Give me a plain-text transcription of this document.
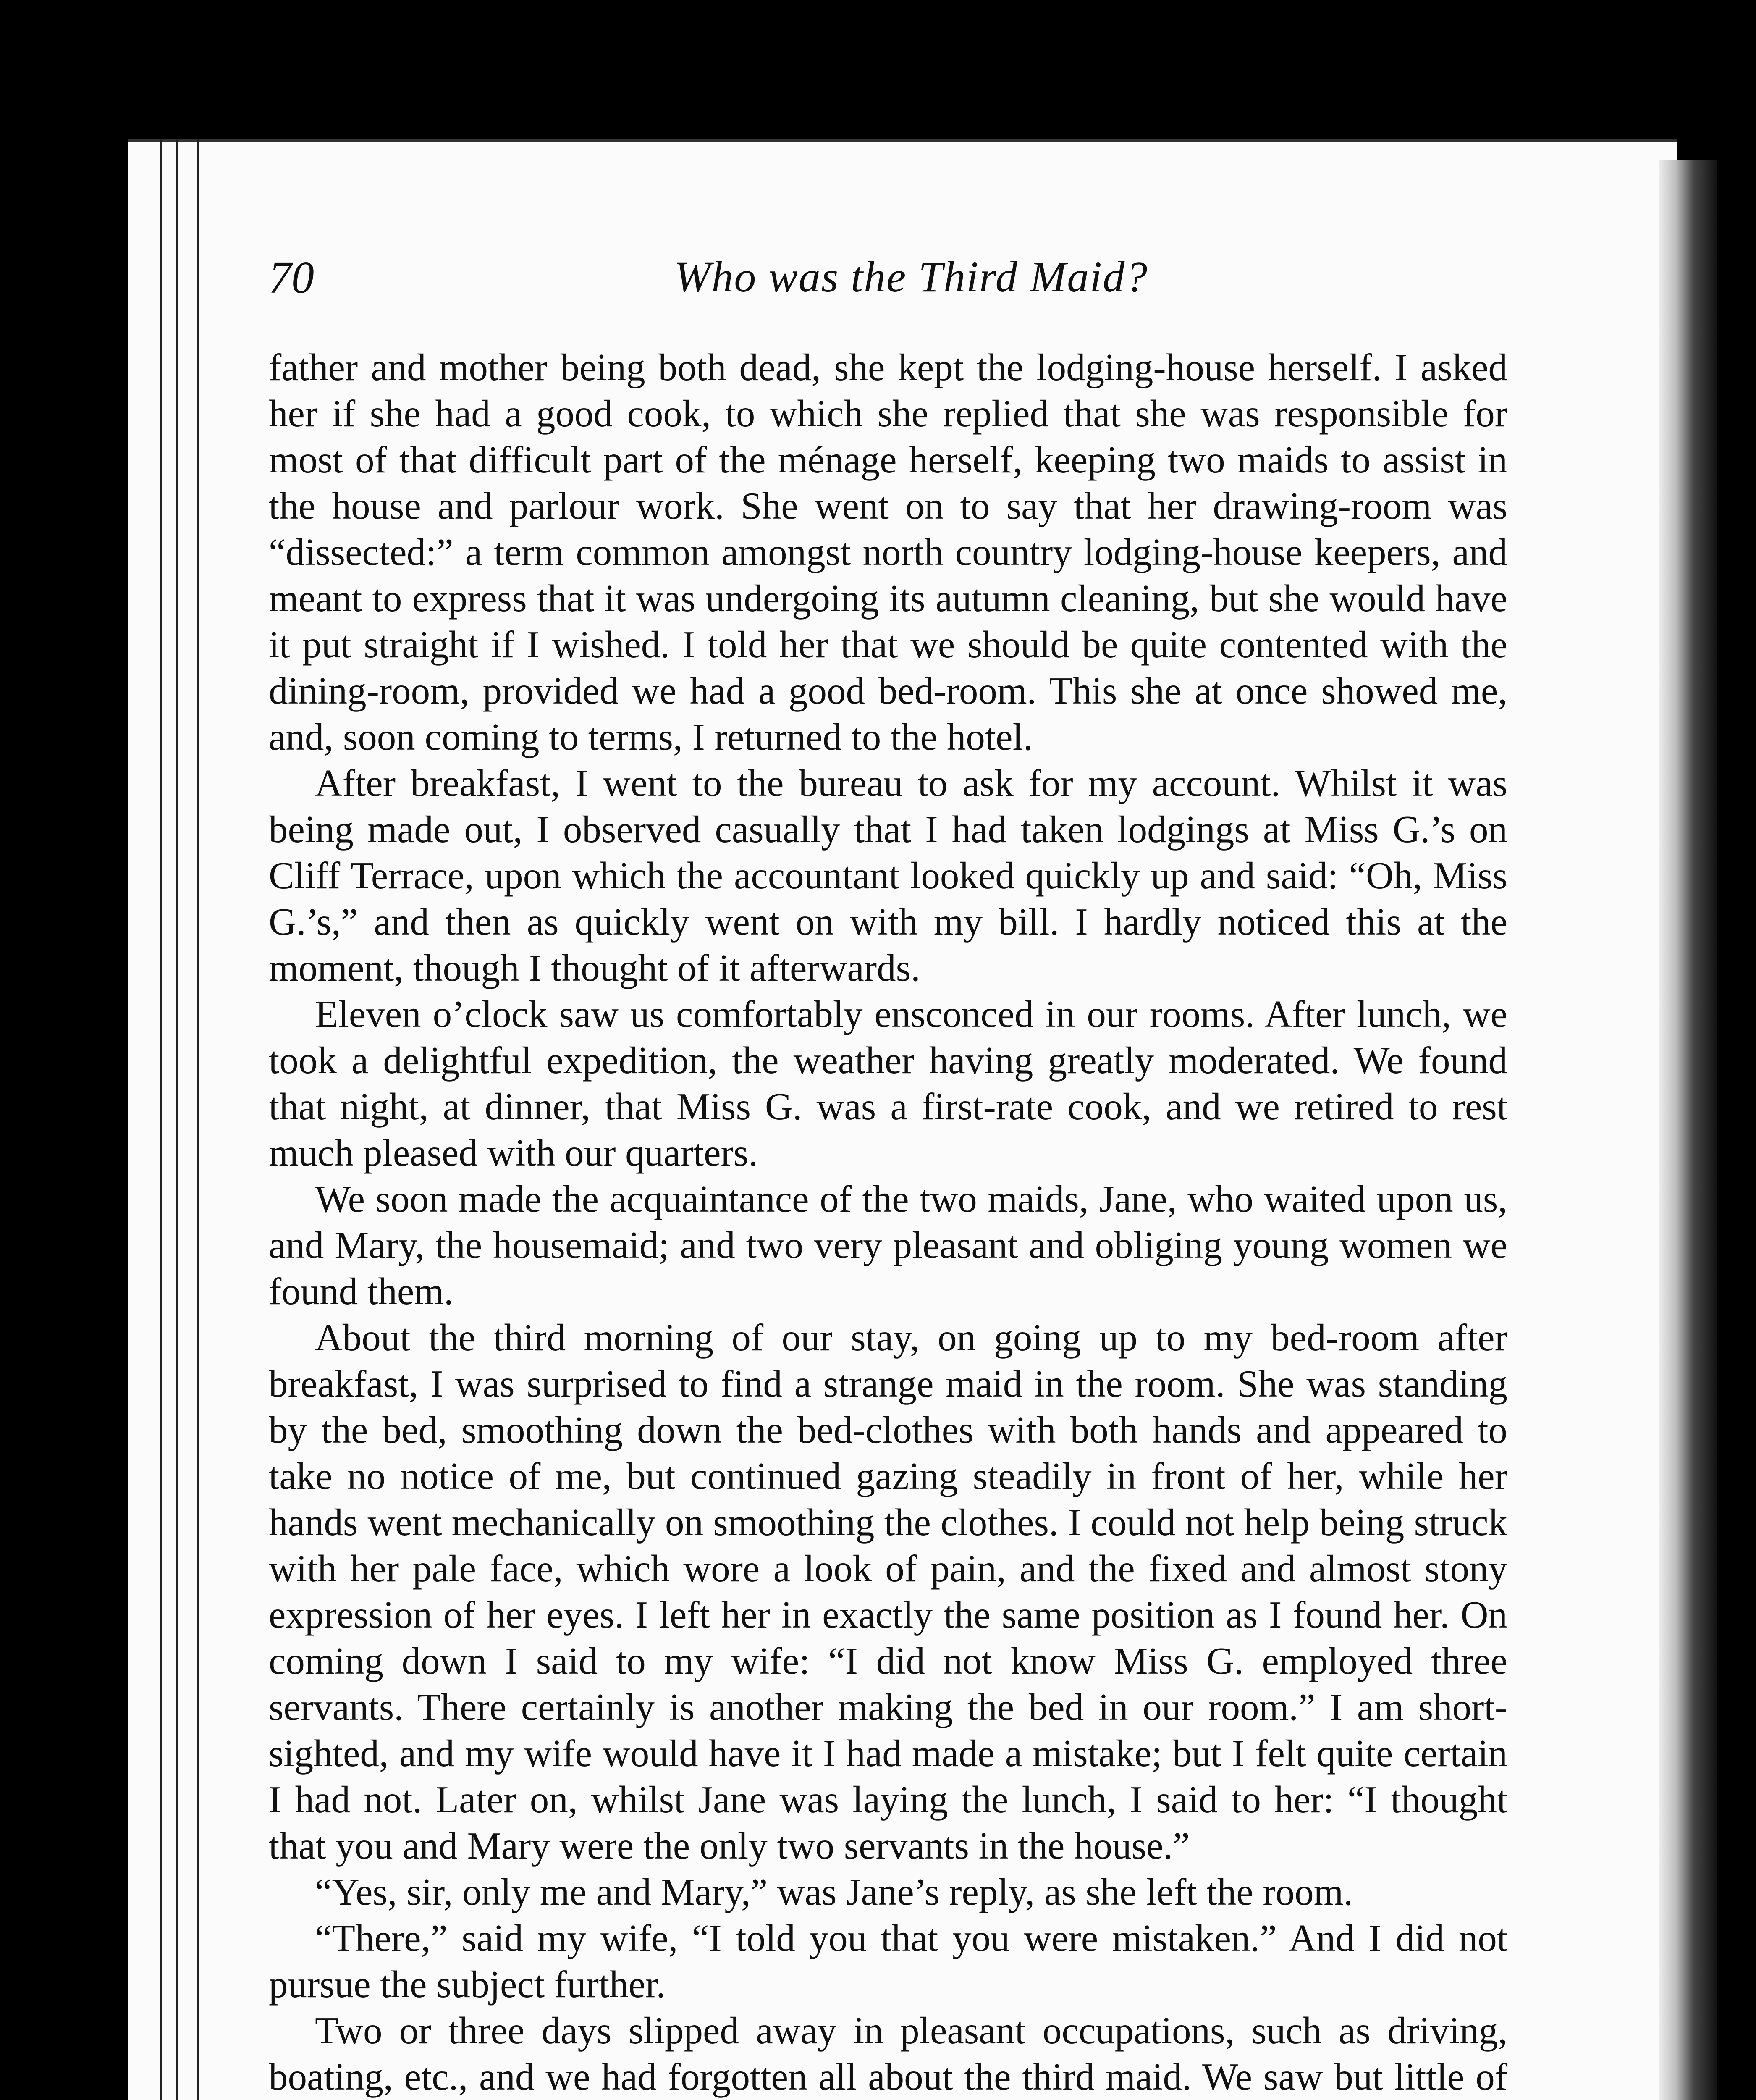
70	Who was the Third Maid?

father and mother being both dead, she kept the lodging-house herself. I asked her if she had a good cook, to which she replied that she was responsible for most of that difficult part of the ménage herself, keeping two maids to assist in the house and parlour work. She went on to say that her drawing-room was “dissected:” a term common amongst north country lodging-house keepers, and meant to express that it was undergoing its autumn cleaning, but she would have it put straight if I wished. I told her that we should be quite contented with the dining-room, provided we had a good bed-room. This she at once showed me, and, soon coming to terms, I returned to the hotel.

After breakfast, I went to the bureau to ask for my account. Whilst it was being made out, I observed casually that I had taken lodgings at Miss G.’s on Cliff Terrace, upon which the accountant looked quickly up and said: “Oh, Miss G.’s,” and then as quickly went on with my bill. I hardly noticed this at the moment, though I thought of it afterwards.

Eleven o’clock saw us comfortably ensconced in our rooms. After lunch, we took a delightful expedition, the weather having greatly moderated. We found that night, at dinner, that Miss G. was a first-rate cook, and we retired to rest much pleased with our quarters.

We soon made the acquaintance of the two maids, Jane, who waited upon us, and Mary, the housemaid; and two very pleasant and obliging young women we found them.

About the third morning of our stay, on going up to my bed-room after breakfast, I was surprised to find a strange maid in the room. She was standing by the bed, smoothing down the bed-clothes with both hands and appeared to take no notice of me, but continued gazing steadily in front of her, while her hands went mechanically on smoothing the clothes. I could not help being struck with her pale face, which wore a look of pain, and the fixed and almost stony expression of her eyes. I left her in exactly the same position as I found her. On coming down I said to my wife: “I did not know Miss G. employed three servants. There certainly is another making the bed in our room.” I am short-sighted, and my wife would have it I had made a mistake; but I felt quite certain I had not. Later on, whilst Jane was laying the lunch, I said to her: “I thought that you and Mary were the only two servants in the house.”

“Yes, sir, only me and Mary,” was Jane’s reply, as she left the room.

“There,” said my wife, “I told you that you were mistaken.” And I did not pursue the subject further.

Two or three days slipped away in pleasant occupations, such as driving, boating, etc., and we had forgotten all about the third maid. We saw but little of
